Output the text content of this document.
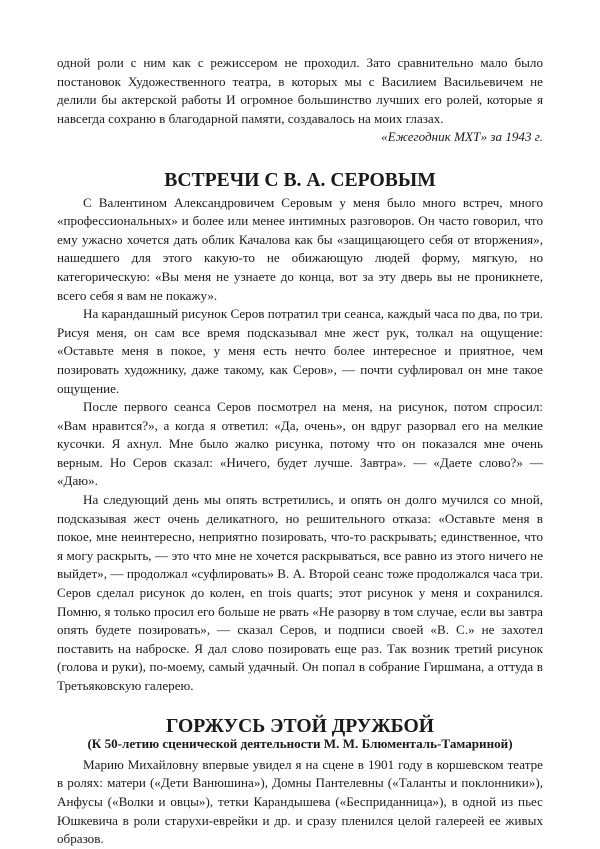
одной роли с ним как с режиссером не проходил. Зато сравнительно мало было постановок Художественного театра, в которых мы с Василием Васильевичем не делили бы актерской работы И огромное большинство лучших его ролей, которые я навсегда сохраню в благодарной памяти, создавалось на моих глазах.

«Ежегодник МХТ» за 1943 г.

ВСТРЕЧИ С В. А. СЕРОВЫМ

С Валентином Александровичем Серовым у меня было много встреч, много «профессиональных» и более или менее интимных разговоров. Он часто говорил, что ему ужасно хочется дать облик Качалова как бы «защищающего себя от вторжения», нашедшего для этого какую-то не обижающую людей форму, мягкую, но категорическую: «Вы меня не узнаете до конца, вот за эту дверь вы не проникнете, всего себя я вам не покажу».

На карандашный рисунок Серов потратил три сеанса, каждый часа по два, по три. Рисуя меня, он сам все время подсказывал мне жест рук, толкал на ощущение: «Оставьте меня в покое, у меня есть нечто более интересное и приятное, чем позировать художнику, даже такому, как Серов», — почти суфлировал он мне такое ощущение.

После первого сеанса Серов посмотрел на меня, на рисунок, потом спросил: «Вам нравится?», а когда я ответил: «Да, очень», он вдруг разорвал его на мелкие кусочки. Я ахнул. Мне было жалко рисунка, потому что он показался мне очень верным. Но Серов сказал: «Ничего, будет лучше. Завтра». — «Даете слово?» — «Даю».

На следующий день мы опять встретились, и опять он долго мучился со мной, подсказывая жест очень деликатного, но решительного отказа: «Оставьте меня в покое, мне неинтересно, неприятно позировать, что-то раскрывать; единственное, что я могу раскрыть, — это что мне не хочется раскрываться, все равно из этого ничего не выйдет», — продолжал «суфлировать» В. А. Второй сеанс тоже продолжался часа три. Серов сделал рисунок до колен, en trois quarts; этот рисунок у меня и сохранился. Помню, я только просил его больше не рвать «Не разорву в том случае, если вы завтра опять будете позировать», — сказал Серов, и подписи своей «В. С.» не захотел поставить на наброске. Я дал слово позировать еще раз. Так возник третий рисунок (голова и руки), по-моему, самый удачный. Он попал в собрание Гиршмана, а оттуда в Третьяковскую галерею.

ГОРЖУСЬ ЭТОЙ ДРУЖБОЙ

(К 50-летию сценической деятельности М. М. Блюменталь-Тамариной)

Марию Михайловну впервые увидел я на сцене в 1901 году в коршевском театре в ролях: матери («Дети Ванюшина»), Домны Пантелевны («Таланты и поклонники»), Анфусы («Волки и овцы»), тетки Карандышева («Бесприданница»), в одной из пьес Юшкевича в роли старухи-еврейки и др. и сразу пленился целой галереей ее живых образов.
